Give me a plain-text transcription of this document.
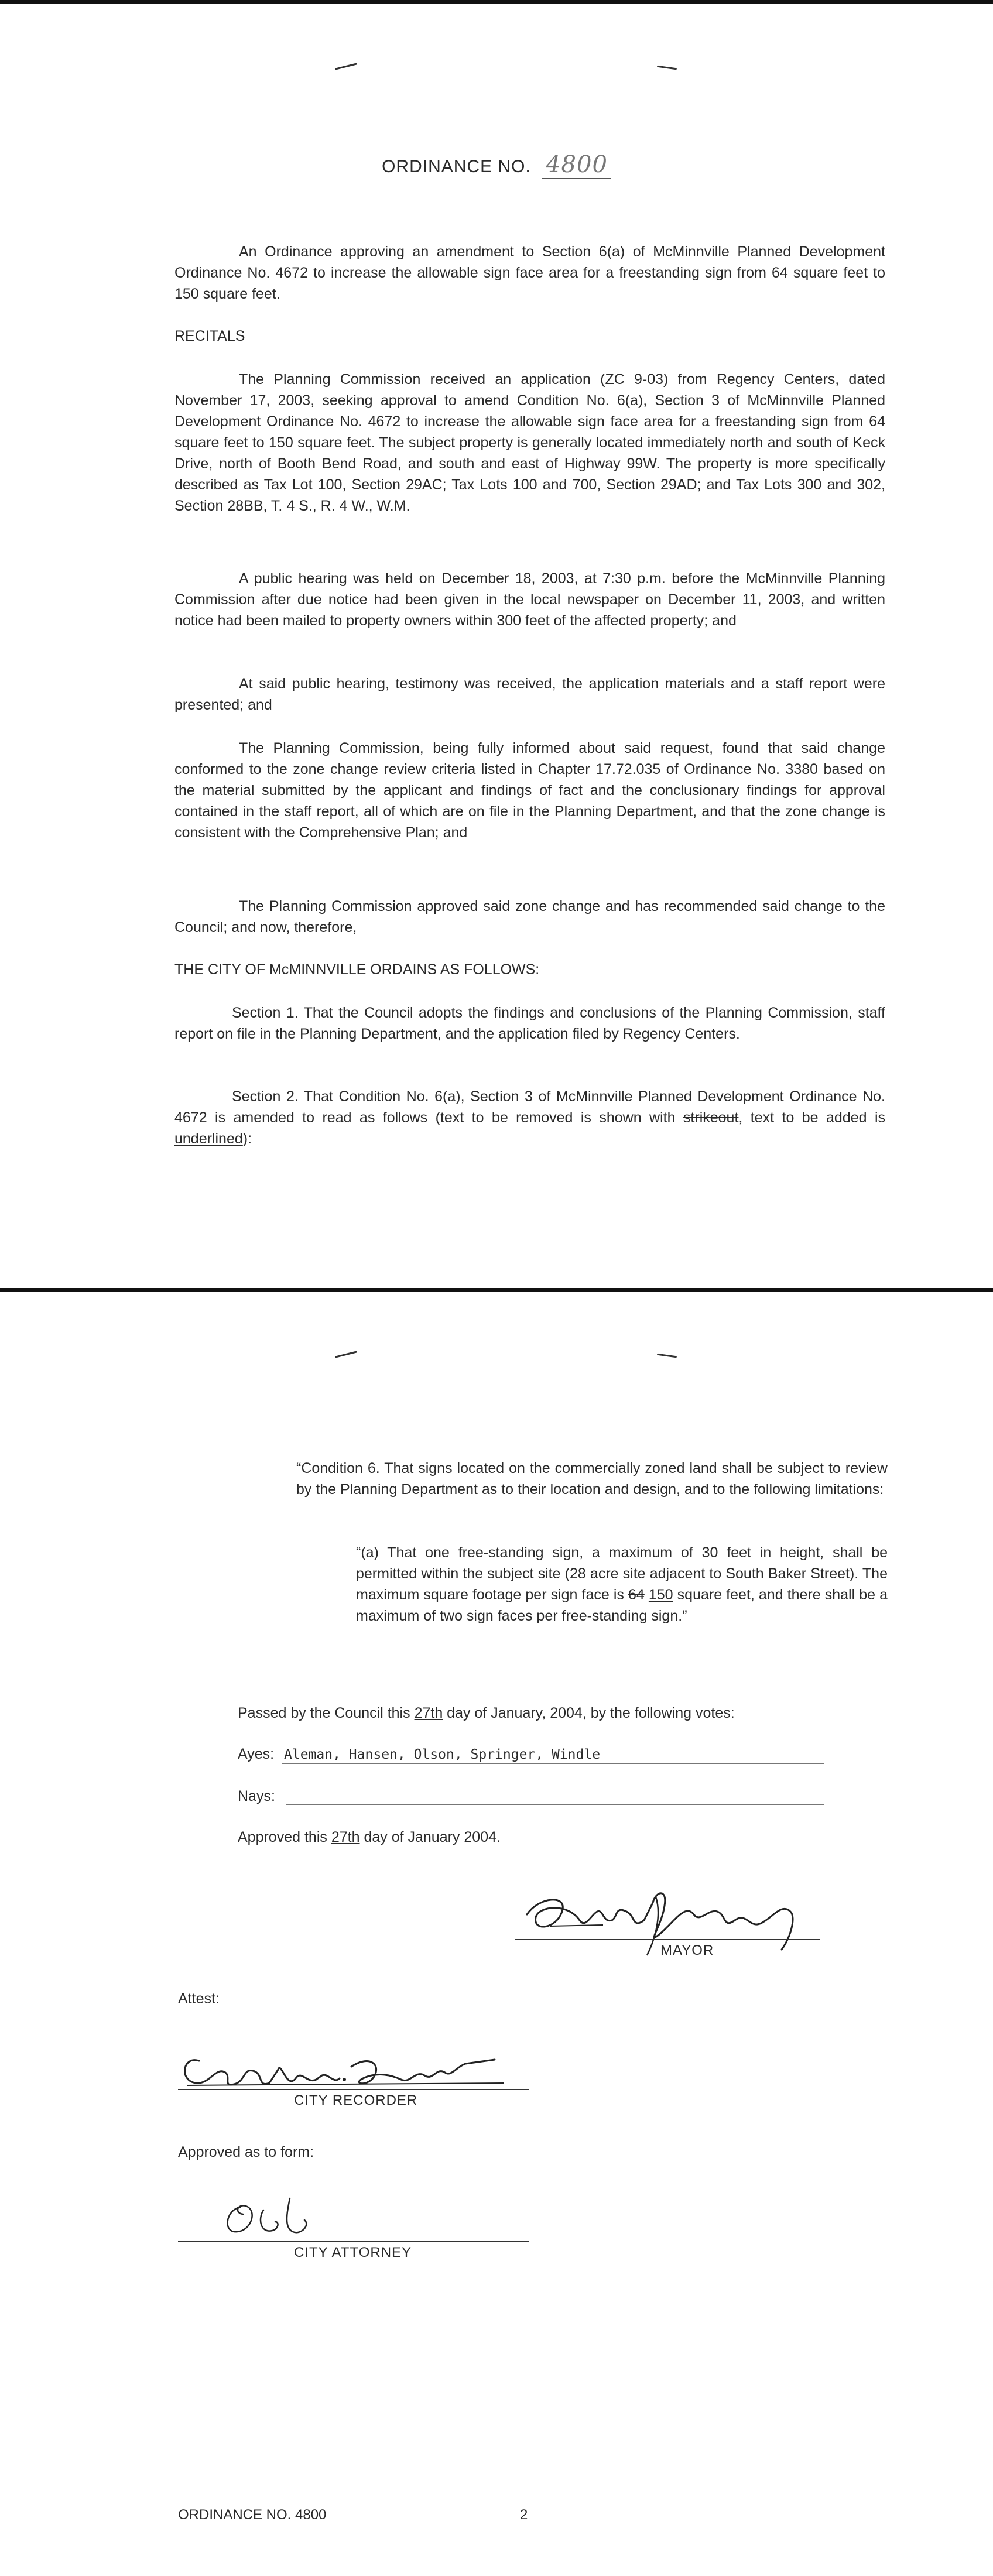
ORDINANCE NO. 4800

An Ordinance approving an amendment to Section 6(a) of McMinnville Planned Development Ordinance No. 4672 to increase the allowable sign face area for a freestanding sign from 64 square feet to 150 square feet.

RECITALS

The Planning Commission received an application (ZC 9-03) from Regency Centers, dated November 17, 2003, seeking approval to amend Condition No. 6(a), Section 3 of McMinnville Planned Development Ordinance No. 4672 to increase the allowable sign face area for a freestanding sign from 64 square feet to 150 square feet. The subject property is generally located immediately north and south of Keck Drive, north of Booth Bend Road, and south and east of Highway 99W. The property is more specifically described as Tax Lot 100, Section 29AC; Tax Lots 100 and 700, Section 29AD; and Tax Lots 300 and 302, Section 28BB, T. 4 S., R. 4 W., W.M.

A public hearing was held on December 18, 2003, at 7:30 p.m. before the McMinnville Planning Commission after due notice had been given in the local newspaper on December 11, 2003, and written notice had been mailed to property owners within 300 feet of the affected property; and

At said public hearing, testimony was received, the application materials and a staff report were presented; and

The Planning Commission, being fully informed about said request, found that said change conformed to the zone change review criteria listed in Chapter 17.72.035 of Ordinance No. 3380 based on the material submitted by the applicant and findings of fact and the conclusionary findings for approval contained in the staff report, all of which are on file in the Planning Department, and that the zone change is consistent with the Comprehensive Plan; and

The Planning Commission approved said zone change and has recommended said change to the Council; and now, therefore,

THE CITY OF McMINNVILLE ORDAINS AS FOLLOWS:

Section 1. That the Council adopts the findings and conclusions of the Planning Commission, staff report on file in the Planning Department, and the application filed by Regency Centers.

Section 2. That Condition No. 6(a), Section 3 of McMinnville Planned Development Ordinance No. 4672 is amended to read as follows (text to be removed is shown with strikeout, text to be added is underlined):

“Condition 6. That signs located on the commercially zoned land shall be subject to review by the Planning Department as to their location and design, and to the following limitations:

“(a) That one free-standing sign, a maximum of 30 feet in height, shall be permitted within the subject site (28 acre site adjacent to South Baker Street). The maximum square footage per sign face is 64 150 square feet, and there shall be a maximum of two sign faces per free-standing sign.”

Passed by the Council this 27th day of January, 2004, by the following votes:

Ayes: Aleman, Hansen, Olson, Springer, Windle
Nays:

Approved this 27th day of January 2004.

MAYOR
Attest:
CITY RECORDER
Approved as to form:
CITY ATTORNEY
ORDINANCE NO. 4800	2
